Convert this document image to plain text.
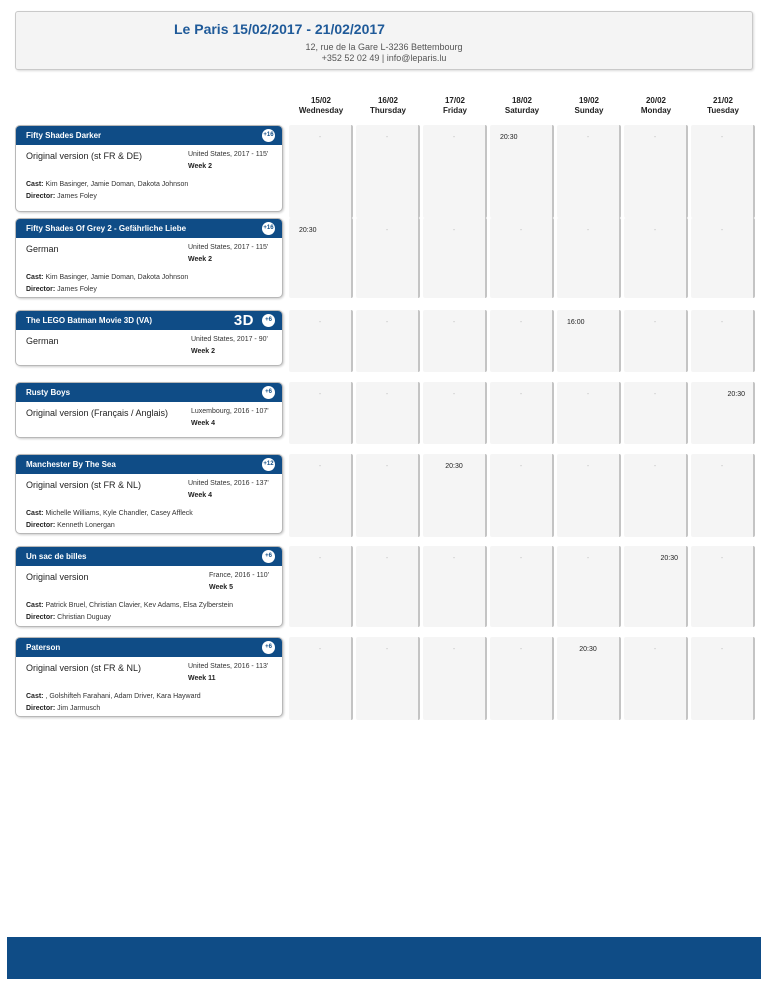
Le Paris 15/02/2017 - 21/02/2017
12, rue de la Gare L-3236 Bettembourg
+352 52 02 49 | info@leparis.lu
15/02
Wednesday
16/02
Thursday
17/02
Friday
18/02
Saturday
19/02
Sunday
20/02
Monday
21/02
Tuesday
Fifty Shades Darker	+16
Original version (st FR & DE)	United States, 2017 - 115'
Week 2
Cast: Kim Basinger, Jamie Doman, Dakota Johnson
Director: James Foley
-	-	-	20:30	-	-	-
Fifty Shades Of Grey 2 - Gefährliche Liebe	+16
German	United States, 2017 - 115'
Week 2
Cast: Kim Basinger, Jamie Doman, Dakota Johnson
Director: James Foley
20:30	-	-	-	-	-	-
The LEGO Batman Movie 3D (VA)	3D	+6
German	United States, 2017 - 90'
Week 2
-	-	-	-	16:00	-	-
Rusty Boys	+6
Original version (Français / Anglais)	Luxembourg, 2016 - 107'
Week 4
-	-	-	-	-	-	20:30
Manchester By The Sea	+12
Original version (st FR & NL)	United States, 2016 - 137'
Week 4
Cast: Michelle Williams, Kyle Chandler, Casey Affleck
Director: Kenneth Lonergan
-	-	20:30	-	-	-	-
Un sac de billes	+6
Original version	France, 2016 - 110'
Week 5
Cast: Patrick Bruel, Christian Clavier, Kev Adams, Elsa Zylberstein
Director: Christian Duguay
-	-	-	-	-	20:30	-
Paterson	+6
Original version (st FR & NL)	United States, 2016 - 113'
Week 11
Cast: , Golshifteh Farahani, Adam Driver, Kara Hayward
Director: Jim Jarmusch
-	-	-	-	20:30	-	-
